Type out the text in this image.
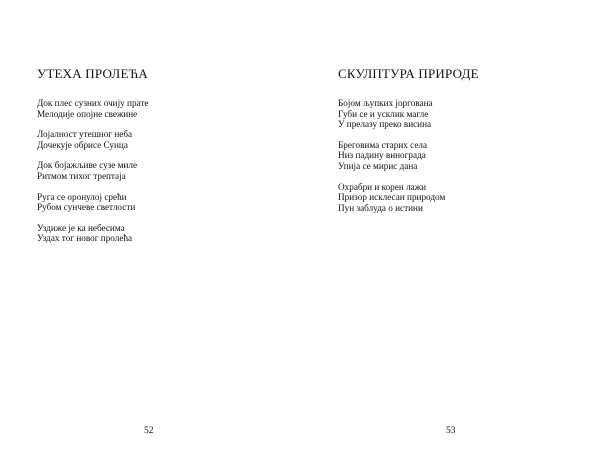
УТЕХА ПРОЛЕЋА
Док плес сузних очију прате
Мелодије опојне свежине
Лојалност утешног неба
Дочекује обрисе Сунца
Док бојажљиве сузе миле
Ритмом тихог трептаја
Руга се оронулој срећи
Рубом сунчеве светлости
Уздиже је ка небесима
Уздах тог новог пролећа
52
СКУЛПТУРА ПРИРОДЕ
Бојом љупких јоргована
Губи се и усклик магле
У прелазу преко висина
Брегови​ма старих села
Низ падину винограда
Упија се мирис дана
Охрабри и корен лажи
Призор исклесан природом
Пун заблуда о истини
53
